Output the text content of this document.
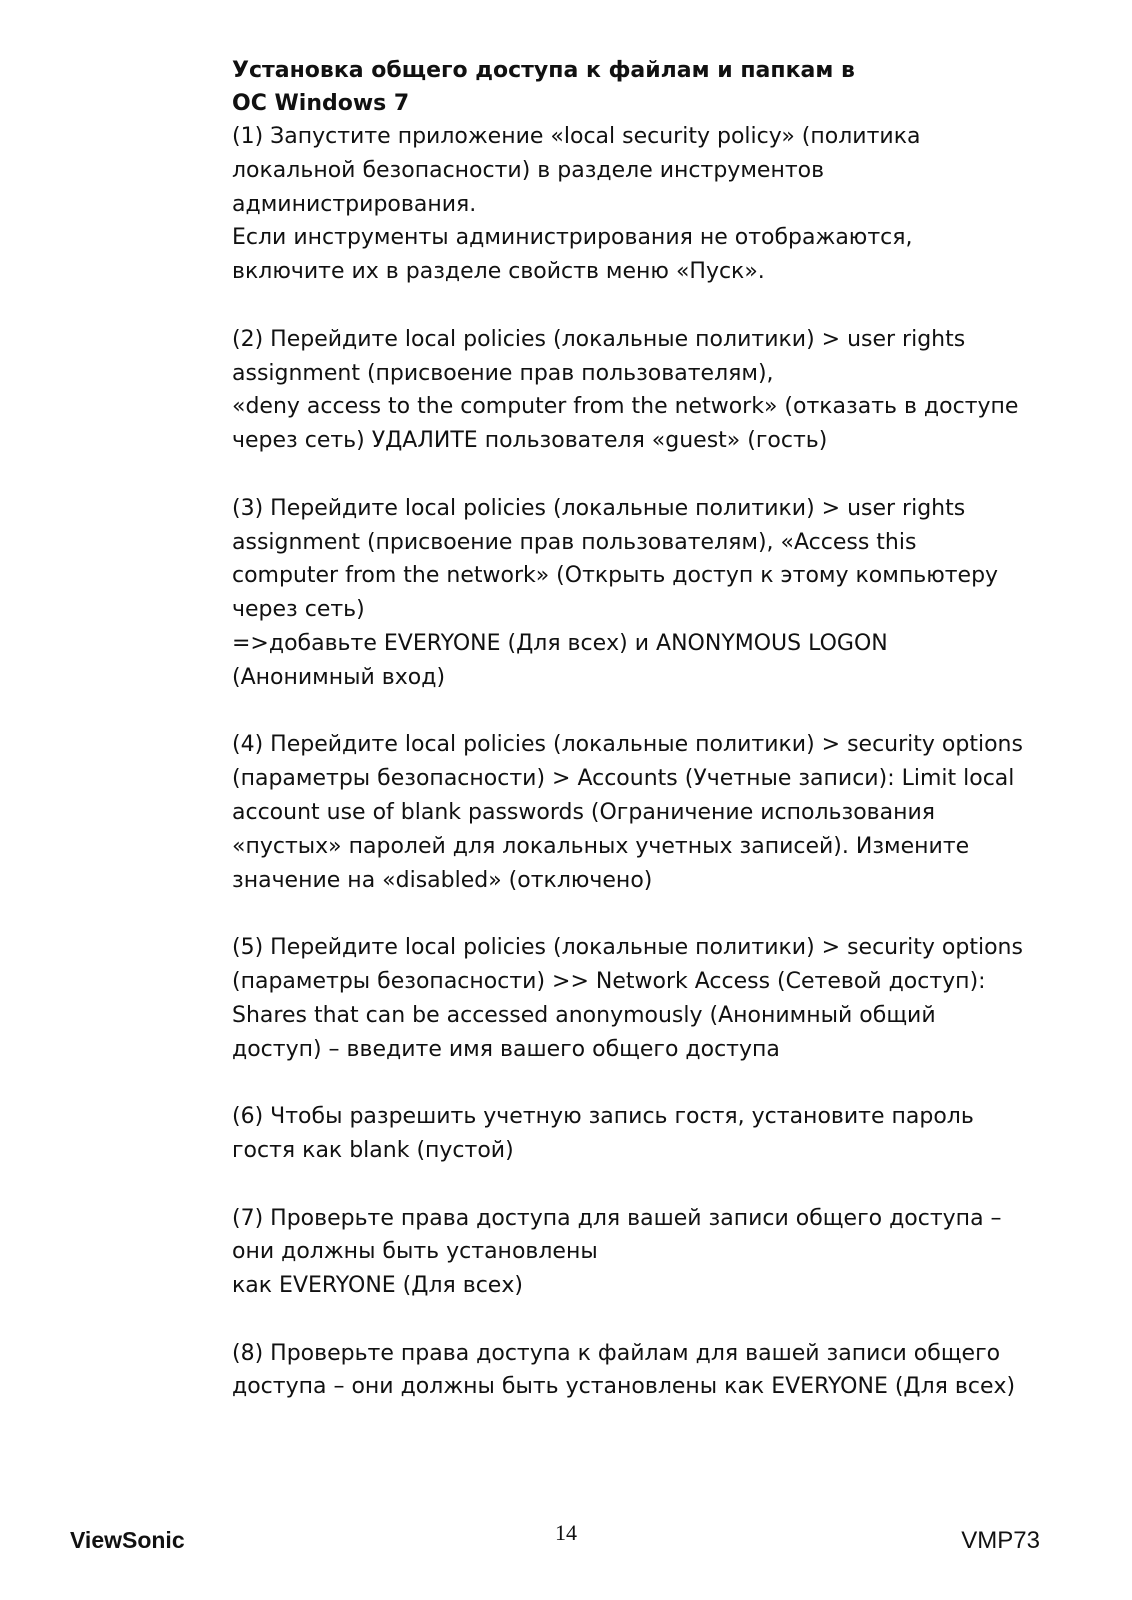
Установка общего доступа к файлам и папкам в
ОС Windows 7
(1) Запустите приложение «local security policy» (политика
локальной безопасности) в разделе инструментов
администрирования.
Если инструменты администрирования не отображаются,
включите их в разделе свойств меню «Пуск».
(2) Перейдите local policies (локальные политики) > user rights
assignment (присвоение прав пользователям),
«deny access to the computer from the network» (отказать в доступе
через сеть) УДАЛИТЕ пользователя «guest» (гость)
(3) Перейдите local policies (локальные политики) > user rights
assignment (присвоение прав пользователям), «Access this
computer from the network» (Открыть доступ к этому компьютеру
через сеть)
=>добавьте EVERYONE (Для всех) и ANONYMOUS LOGON
(Анонимный вход)
(4) Перейдите local policies (локальные политики) > security options
(параметры безопасности) > Accounts (Учетные записи): Limit local
account use of blank passwords (Ограничение использования
«пустых» паролей для локальных учетных записей). Измените
значение на «disabled» (отключено)
(5) Перейдите local policies (локальные политики) > security options
(параметры безопасности) >> Network Access (Сетевой доступ):
Shares that can be accessed anonymously (Анонимный общий
доступ) – введите имя вашего общего доступа
(6) Чтобы разрешить учетную запись гостя, установите пароль
гостя как blank (пустой)
(7) Проверьте права доступа для вашей записи общего доступа –
они должны быть установлены
как EVERYONE (Для всех)
(8) Проверьте права доступа к файлам для вашей записи общего
доступа – они должны быть установлены как EVERYONE (Для всех)
ViewSonic	14	VMP73
